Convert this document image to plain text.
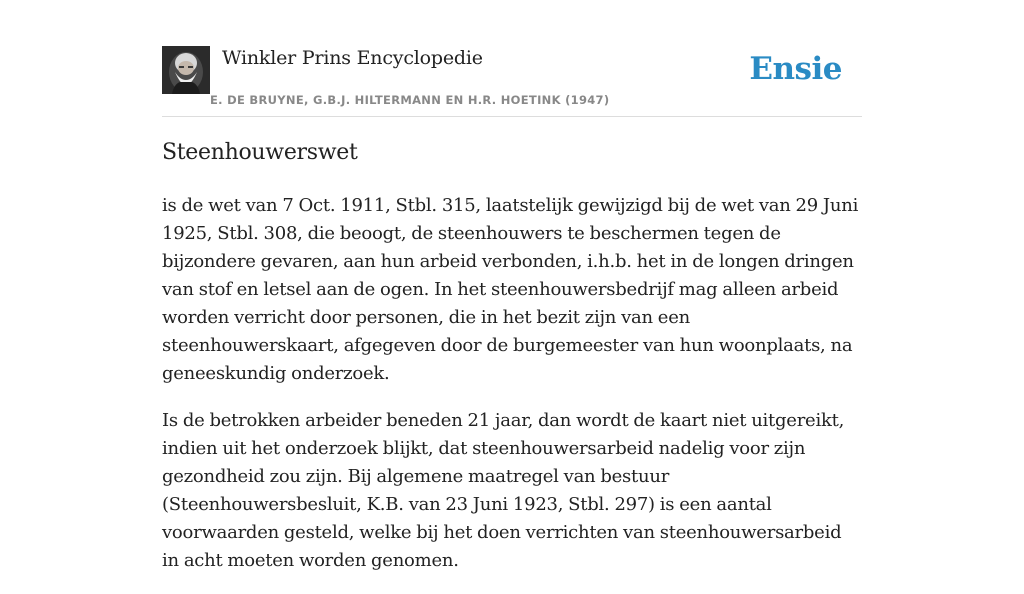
Winkler Prins Encyclopedie
E. DE BRUYNE, G.B.J. HILTERMANN EN H.R. HOETINK (1947)
Ensie
Steenhouwerswet

is de wet van 7 Oct. 1911, Stbl. 315, laatstelijk gewijzigd bij de wet van 29 Juni 1925, Stbl. 308, die beoogt, de steenhouwers te beschermen tegen de bijzondere gevaren, aan hun arbeid verbonden, i.h.b. het in de longen dringen van stof en letsel aan de ogen. In het steenhouwersbedrijf mag alleen arbeid worden verricht door personen, die in het bezit zijn van een steenhouwerskaart, afgegeven door de burgemeester van hun woonplaats, na geneeskundig onderzoek.

Is de betrokken arbeider beneden 21 jaar, dan wordt de kaart niet uitgereikt, indien uit het onderzoek blijkt, dat steenhouwersarbeid nadelig voor zijn gezondheid zou zijn. Bij algemene maatregel van bestuur (Steenhouwersbesluit, K.B. van 23 Juni 1923, Stbl. 297) is een aantal voorwaarden gesteld, welke bij het doen verrichten van steenhouwersarbeid in acht moeten worden genomen.
